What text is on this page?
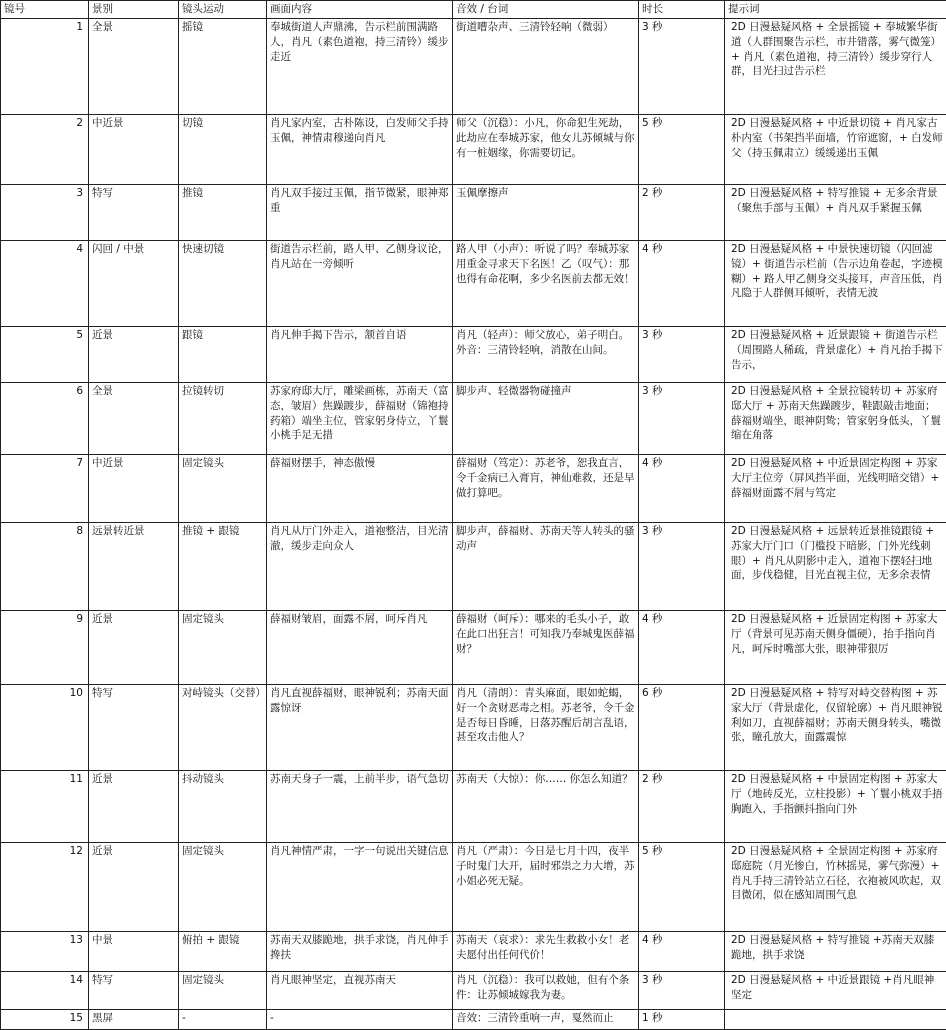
镜号	景别	镜头运动	画面内容	音效 / 台词	时长	提示词
1	全景	摇镜	奉城街道人声鼎沸，告示栏前围满路人，肖凡（素色道袍，持三清铃）缓步走近	街道嘈杂声、三清铃轻响（微弱）	3 秒	2D 日漫悬疑风格 + 全景摇镜 + 奉城繁华街道（人群围聚告示栏，市井错落，雾气微笼）+ 肖凡（素色道袍，持三清铃）缓步穿行人群，目光扫过告示栏
2	中近景	切镜	肖凡家内室，古朴陈设，白发师父手持玉佩，神情肃穆递向肖凡	师父（沉稳）：小凡，你命犯生死劫，此劫应在奉城苏家，他女儿苏倾城与你有一桩姻缘，你需要切记。	5 秒	2D 日漫悬疑风格 + 中近景切镜 + 肖凡家古朴内室（书架挡半面墙，竹帘遮窗，+ 白发师父（持玉佩肃立）缓缓递出玉佩
3	特写	推镜	肖凡双手接过玉佩，指节微紧，眼神郑重	玉佩摩擦声	2 秒	2D 日漫悬疑风格 + 特写推镜 + 无多余背景（聚焦手部与玉佩）+ 肖凡双手紧握玉佩
4	闪回 / 中景	快速切镜	街道告示栏前，路人甲、乙侧身议论，肖凡站在一旁倾听	路人甲（小声）：听说了吗？奉城苏家用重金寻求天下名医！乙（叹气）：那也得有命花啊，多少名医前去都无效！	4 秒	2D 日漫悬疑风格 + 中景快速切镜（闪回滤镜）+ 街道告示栏前（告示边角卷起，字迹模糊）+ 路人甲乙侧身交头接耳，声音压低，肖凡隐于人群侧耳倾听，表情无波
5	近景	跟镜	肖凡伸手揭下告示，颔首自语	肖凡（轻声）：师父放心，弟子明白。外音：三清铃轻响，消散在山间。	3 秒	2D 日漫悬疑风格 + 近景跟镜 + 街道告示栏（周围路人稀疏，背景虚化）+ 肖凡抬手揭下告示，
6	全景	拉镜转切	苏家府邸大厅，雕梁画栋，苏南天（富态，皱眉）焦躁踱步，薛福财（锦袍持药箱）端坐主位，管家躬身侍立，丫鬟小桃手足无措	脚步声、轻微器物碰撞声	3 秒	2D 日漫悬疑风格 + 全景拉镜转切 + 苏家府邸大厅 + 苏南天焦躁踱步，鞋跟敲击地面；薛福财端坐，眼神阴鸷；管家躬身低头，丫鬟缩在角落
7	中近景	固定镜头	薛福财摆手，神态傲慢	薛福财（笃定）：苏老爷，恕我直言，令千金病已入膏肓，神仙难救，还是早做打算吧。	4 秒	2D 日漫悬疑风格 + 中近景固定构图 + 苏家大厅主位旁（屏风挡半面，光线明暗交错）+ 薛福财面露不屑与笃定
8	远景转近景	推镜 + 跟镜	肖凡从厅门外走入，道袍整洁，目光清澈，缓步走向众人	脚步声，薛福财、苏南天等人转头的骚动声	3 秒	2D 日漫悬疑风格 + 远景转近景推镜跟镜 + 苏家大厅门口（门槛投下暗影，门外光线刺眼）+ 肖凡从阴影中走入，道袍下摆轻扫地面，步伐稳健，目光直视主位，无多余表情
9	近景	固定镜头	薛福财皱眉，面露不屑，呵斥肖凡	薛福财（呵斥）：哪来的毛头小子，敢在此口出狂言！可知我乃奉城鬼医薛福财？	4 秒	2D 日漫悬疑风格 + 近景固定构图 + 苏家大厅（背景可见苏南天侧身僵硬），抬手指向肖凡，呵斥时嘴部大张，眼神带狠厉
10	特写	对峙镜头（交替）	肖凡直视薛福财，眼神锐利；苏南天面露惊讶	肖凡（清朗）：青头麻面，眼如蛇蝎，好一个贪财恶毒之相。苏老爷，令千金是否每日昏睡，日落苏醒后胡言乱语，甚至攻击他人？	6 秒	2D 日漫悬疑风格 + 特写对峙交替构图 + 苏家大厅（背景虚化，仅留轮廓）+ 肖凡眼神锐利如刀，直视薛福财；苏南天侧身转头，嘴微张，瞳孔放大，面露震惊
11	近景	抖动镜头	苏南天身子一震，上前半步，语气急切	苏南天（大惊）：你…… 你怎么知道？	2 秒	2D 日漫悬疑风格 + 中景固定构图 + 苏家大厅（地砖反光，立柱投影）+ 丫鬟小桃双手捂胸跑入，手指颤抖指向门外
12	近景	固定镜头	肖凡神情严肃，一字一句说出关键信息	肖凡（严肃）：今日是七月十四，夜半子时鬼门大开，届时邪祟之力大增，苏小姐必死无疑。	5 秒	2D 日漫悬疑风格 + 全景固定构图 + 苏家府邸庭院（月光惨白，竹林摇晃，雾气弥漫）+ 肖凡手持三清铃站立石径，衣袍被风吹起，双目微闭，似在感知周围气息
13	中景	俯拍 + 跟镜	苏南天双膝跪地，拱手求饶，肖凡伸手搀扶	苏南天（哀求）：求先生救救小女！老夫愿付出任何代价！	4 秒	2D 日漫悬疑风格 + 特写推镜 +苏南天双膝跪地，拱手求饶
14	特写	固定镜头	肖凡眼神坚定，直视苏南天	肖凡（沉稳）：我可以救她，但有个条件：让苏倾城嫁我为妻。	3 秒	2D 日漫悬疑风格 + 中近景跟镜 +肖凡眼神坚定
15	黑屏	-	-	音效：三清铃重响一声，戛然而止	1 秒	
